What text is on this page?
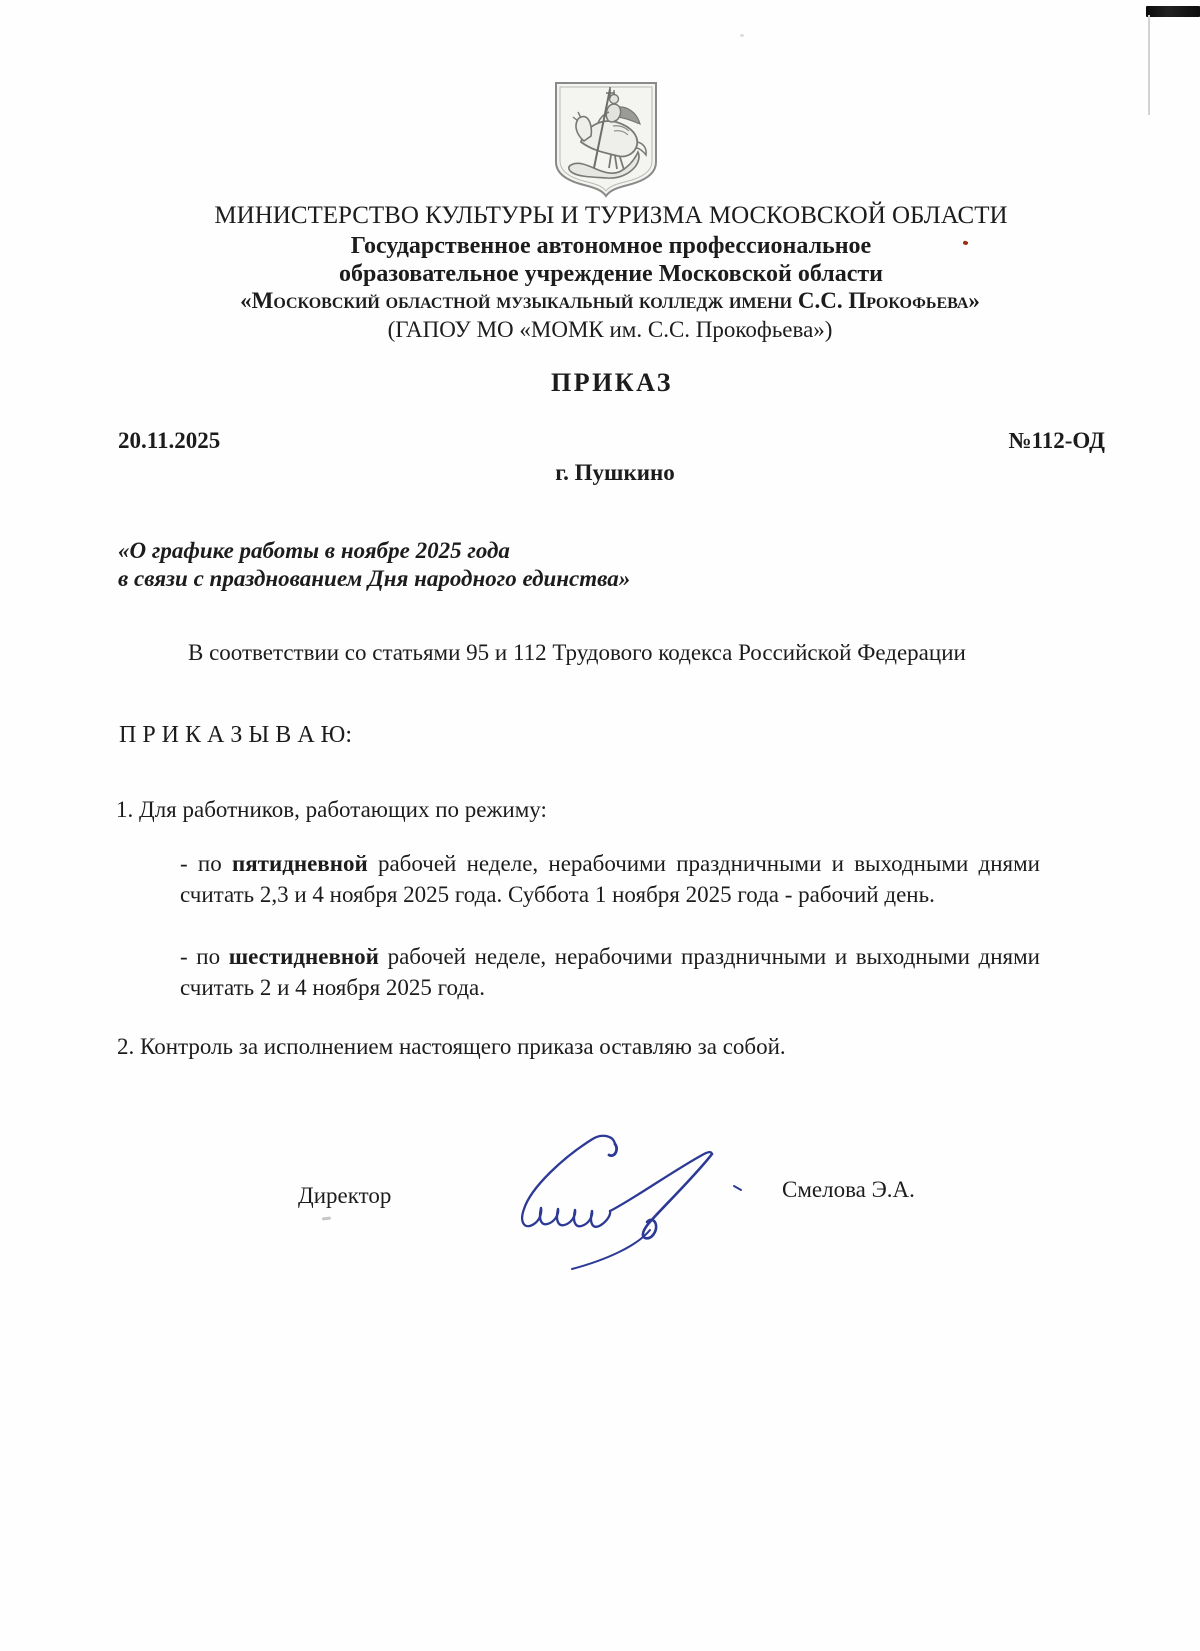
МИНИСТЕРСТВО КУЛЬТУРЫ И ТУРИЗМА МОСКОВСКОЙ ОБЛАСТИ
Государственное автономное профессиональное
образовательное учреждение Московской области
«Московский областной музыкальный колледж имени С.С. Прокофьева»
(ГАПОУ МО «МОМК им. С.С. Прокофьева»)
ПРИКАЗ
20.11.2025	№112-ОД
г. Пушкино
«О графике работы в ноябре 2025 года
в связи с празднованием Дня народного единства»
В соответствии со статьями 95 и 112 Трудового кодекса Российской Федерации
П Р И К А З Ы В А Ю:
1. Для работников, работающих по режиму:

- по пятидневной рабочей неделе, нерабочими праздничными и выходными днями считать 2,3 и 4 ноября 2025 года. Суббота 1 ноября 2025 года - рабочий день.

- по шестидневной рабочей неделе, нерабочими праздничными и выходными днями считать 2 и 4 ноября 2025 года.

2. Контроль за исполнением настоящего приказа оставляю за собой.
Директор	Смелова Э.А.
